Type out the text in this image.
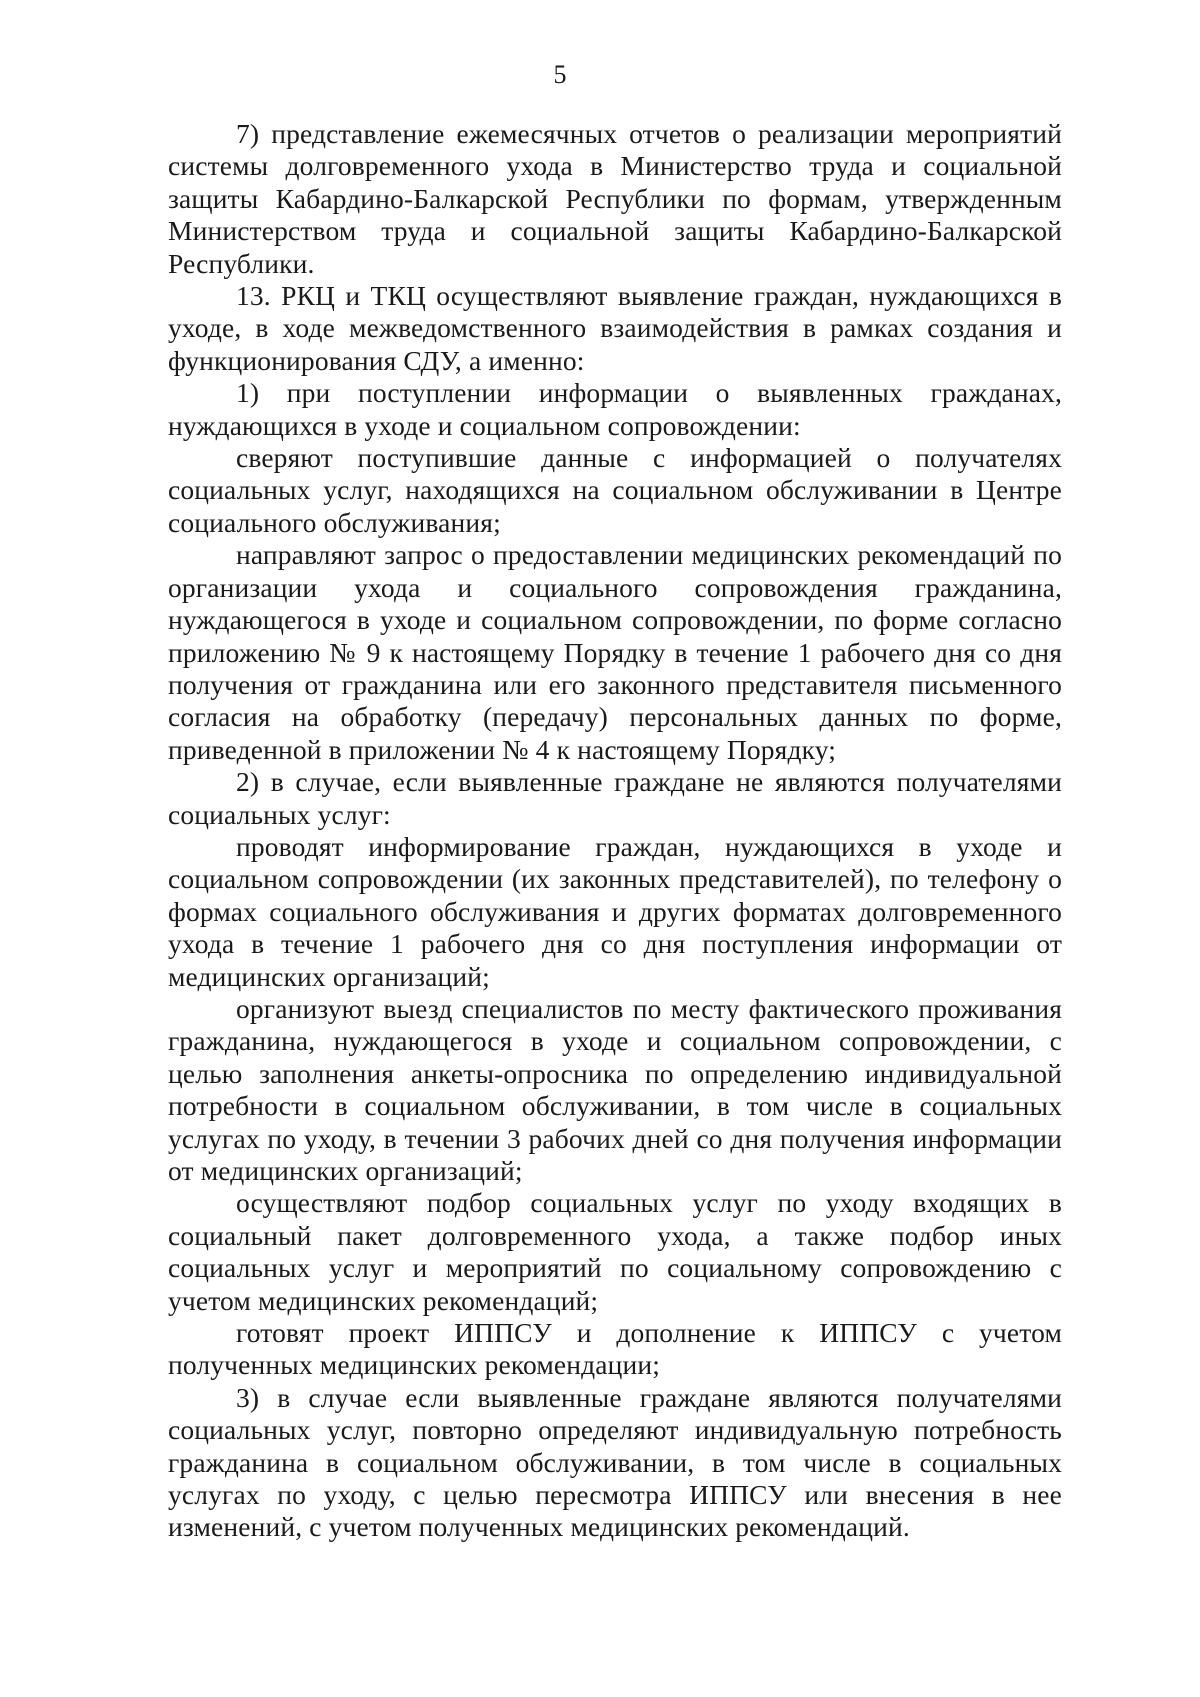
5

7) представление ежемесячных отчетов о реализации мероприятий системы долговременного ухода в Министерство труда и социальной защиты Кабардино-Балкарской Республики по формам, утвержденным Министерством труда и социальной защиты Кабардино-Балкарской Республики.

13. РКЦ и ТКЦ осуществляют выявление граждан, нуждающихся в уходе, в ходе межведомственного взаимодействия в рамках создания и функционирования СДУ, а именно:

1) при поступлении информации о выявленных гражданах, нуждающихся в уходе и социальном сопровождении:

сверяют поступившие данные с информацией о получателях социальных услуг, находящихся на социальном обслуживании в Центре социального обслуживания;

направляют запрос о предоставлении медицинских рекомендаций по организации ухода и социального сопровождения гражданина, нуждающегося в уходе и социальном сопровождении, по форме согласно приложению № 9 к настоящему Порядку в течение 1 рабочего дня со дня получения от гражданина или его законного представителя письменного согласия на обработку (передачу) персональных данных по форме, приведенной в приложении № 4 к настоящему Порядку;

2) в случае, если выявленные граждане не являются получателями социальных услуг:

проводят информирование граждан, нуждающихся в уходе и социальном сопровождении (их законных представителей), по телефону о формах социального обслуживания и других форматах долговременного ухода в течение 1 рабочего дня со дня поступления информации от медицинских организаций;

организуют выезд специалистов по месту фактического проживания гражданина, нуждающегося в уходе и социальном сопровождении, с целью заполнения анкеты-опросника по определению индивидуальной потребности в социальном обслуживании, в том числе в социальных услугах по уходу, в течении 3 рабочих дней со дня получения информации от медицинских организаций;

осуществляют подбор социальных услуг по уходу входящих в социальный пакет долговременного ухода, а также подбор иных социальных услуг и мероприятий по социальному сопровождению с учетом медицинских рекомендаций;

готовят проект ИППСУ и дополнение к ИППСУ с учетом полученных медицинских рекомендации;

3) в случае если выявленные граждане являются получателями социальных услуг, повторно определяют индивидуальную потребность гражданина в социальном обслуживании, в том числе в социальных услугах по уходу, с целью пересмотра ИППСУ или внесения в нее изменений, с учетом полученных медицинских рекомендаций.
